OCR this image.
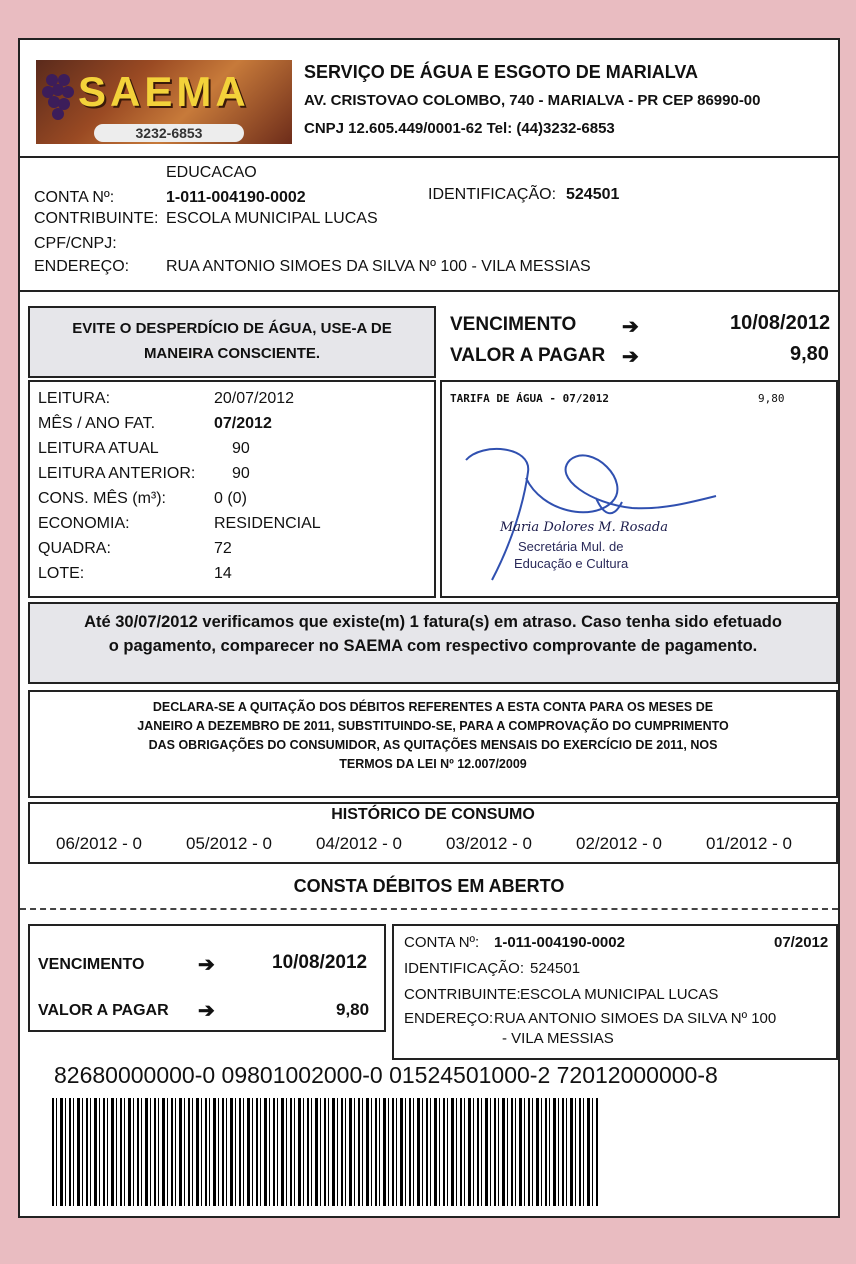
SAEMA
3232-6853
SERVIÇO DE ÁGUA E ESGOTO DE MARIALVA
AV. CRISTOVAO COLOMBO, 740 - MARIALVA - PR CEP 86990-00
CNPJ 12.605.449/0001-62 Tel: (44)3232-6853
EDUCACAO
CONTA Nº:	1-011-004190-0002	IDENTIFICAÇÃO: 524501
CONTRIBUINTE: ESCOLA MUNICIPAL LUCAS
CPF/CNPJ:
ENDEREÇO: RUA ANTONIO SIMOES DA SILVA Nº 100 - VILA MESSIAS
EVITE O DESPERDÍCIO DE ÁGUA, USE-A DE
MANEIRA CONSCIENTE.
VENCIMENTO ➔	10/08/2012
VALOR A PAGAR ➔	9,80
LEITURA:	20/07/2012
MÊS / ANO FAT.	07/2012
LEITURA ATUAL	90
LEITURA ANTERIOR: 90
CONS. MÊS (m³):	0 (0)
ECONOMIA:	RESIDENCIAL
QUADRA:	72
LOTE:	14
TARIFA DE ÁGUA - 07/2012	9,80
Maria Dolores M. Rosada
Secretária Mul. de
Educação e Cultura
Até 30/07/2012 verificamos que existe(m) 1 fatura(s) em atraso. Caso tenha sido efetuado
o pagamento, comparecer no SAEMA com respectivo comprovante de pagamento.
DECLARA-SE A QUITAÇÃO DOS DÉBITOS REFERENTES A ESTA CONTA PARA OS MESES DE
JANEIRO A DEZEMBRO DE 2011, SUBSTITUINDO-SE, PARA A COMPROVAÇÃO DO CUMPRIMENTO
DAS OBRIGAÇÕES DO CONSUMIDOR, AS QUITAÇÕES MENSAIS DO EXERCÍCIO DE 2011, NOS
TERMOS DA LEI Nº 12.007/2009
HISTÓRICO DE CONSUMO
06/2012 - 0	05/2012 - 0	04/2012 - 0	03/2012 - 0	02/2012 - 0	01/2012 - 0
CONSTA DÉBITOS EM ABERTO
VENCIMENTO	➔	10/08/2012
VALOR A PAGAR ➔	9,80
CONTA Nº: 1-011-004190-0002	07/2012
IDENTIFICAÇÃO: 524501
CONTRIBUINTE: ESCOLA MUNICIPAL LUCAS
ENDEREÇO: RUA ANTONIO SIMOES DA SILVA Nº 100
- VILA MESSIAS
82680000000-0 09801002000-0 01524501000-2 72012000000-8
